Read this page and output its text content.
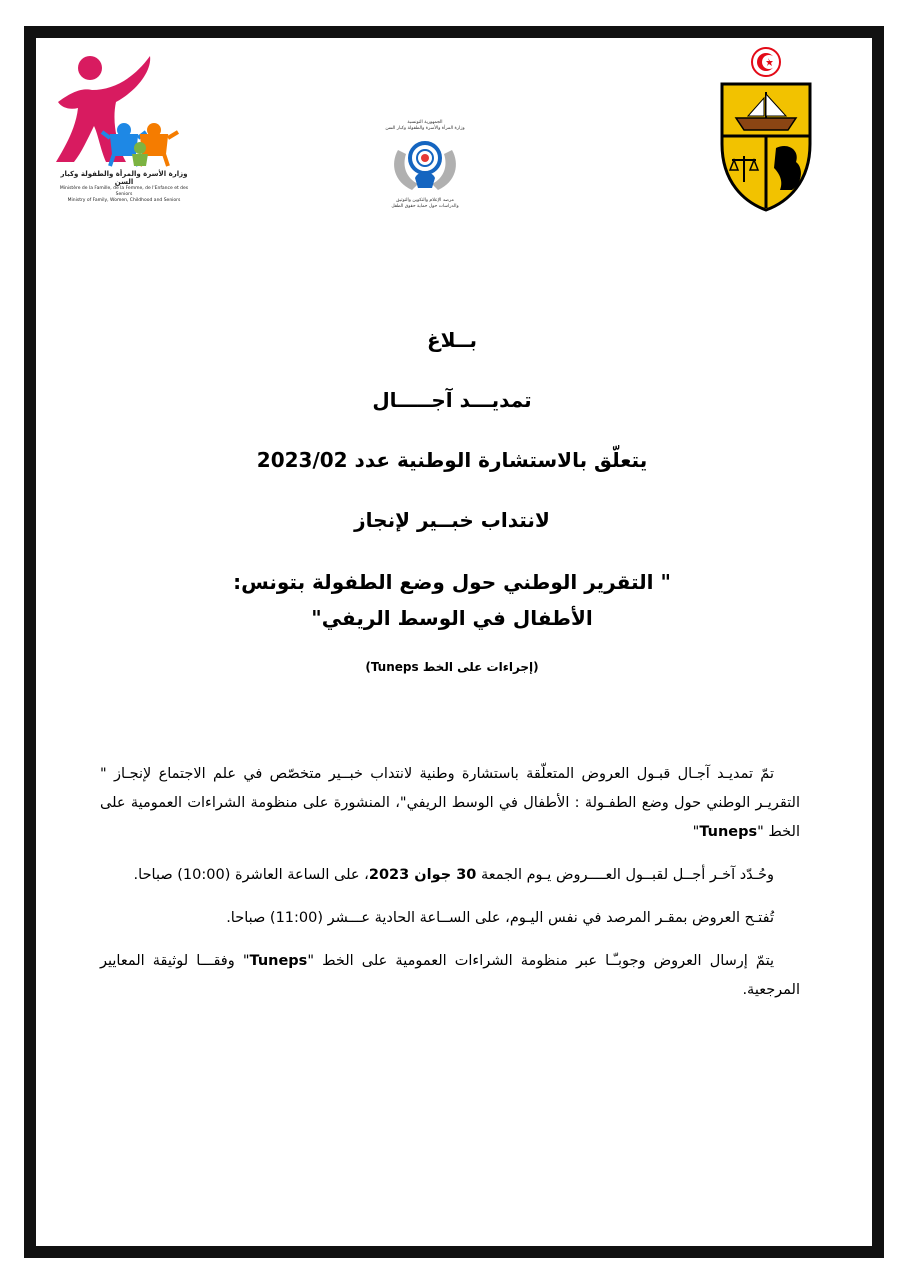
وزارة الأسرة والمرأة والطفولة وكبار السن
Ministère de la Famille, de la Femme, de l'Enfance et des Seniors
Ministry of Family, Women, Childhood and Seniors
الجمهورية التونسية
وزارة المرأة والأسرة والطفولة وكبار السن
مرصد الإعلام والتكوين والتوثيق
والدراسات حول حماية حقوق الطفل
بــلاغ
تمديـــد آجـــــال
يتعلّق بالاستشارة الوطنية عدد 2023/02
لانتداب خبــير لإنجاز
" التقرير الوطني حول وضع الطفولة بتونس:
الأطفال في الوسط الريفي"
(إجراءات على الخط Tuneps)

تمّ تمديـد آجـال قبـول العروض المتعلّقة باستشارة وطنية لانتداب خبــير متخصّص في علم الاجتماع لإنجـاز " التقريـر الوطني حول وضع الطفـولة : الأطفال في الوسط الريفي"، المنشورة على منظومة الشراءات العمومية على الخط "Tuneps"

وحُـدّد آخـر أجــل لقبــول العــــروض يـوم الجمعة 30 جوان 2023، على الساعة العاشرة (10:00) صباحا.

تُفتـح العروض بمقـر المرصد في نفس اليـوم، على الســاعة الحادية عـــشر (11:00) صباحا.

يتمّ إرسال العروض وجوبـّـا عبر منظومة الشراءات العمومية على الخط "Tuneps" وفقـــا لوثيقة المعايير المرجعية.
